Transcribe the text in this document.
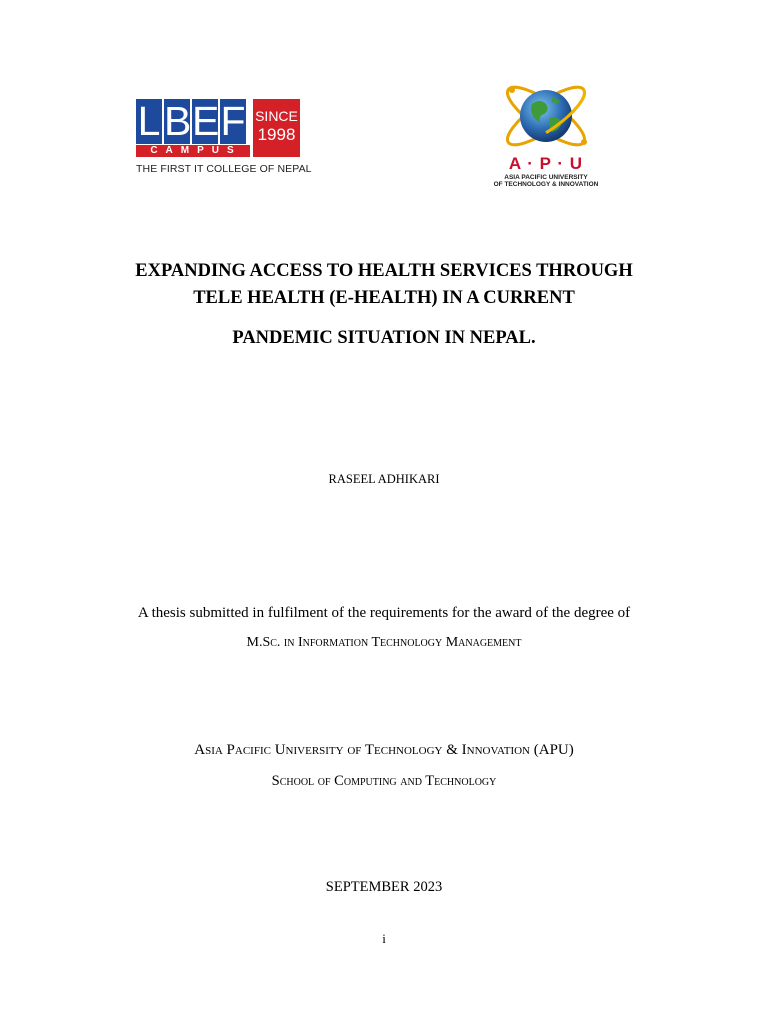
L B E F
CAMPUS
SINCE
1998
THE FIRST IT COLLEGE OF NEPAL	A · P · U
ASIA PACIFIC UNIVERSITY
OF TECHNOLOGY & INNOVATION
EXPANDING ACCESS TO HEALTH SERVICES THROUGH
TELE HEALTH (E-HEALTH) IN A CURRENT
PANDEMIC SITUATION IN NEPAL.
RASEEL ADHIKARI
A thesis submitted in fulfilment of the requirements for the award of the degree of
M.Sc. in Information Technology Management
Asia Pacific University of Technology & Innovation (APU)
School of Computing and Technology
SEPTEMBER 2023
i
